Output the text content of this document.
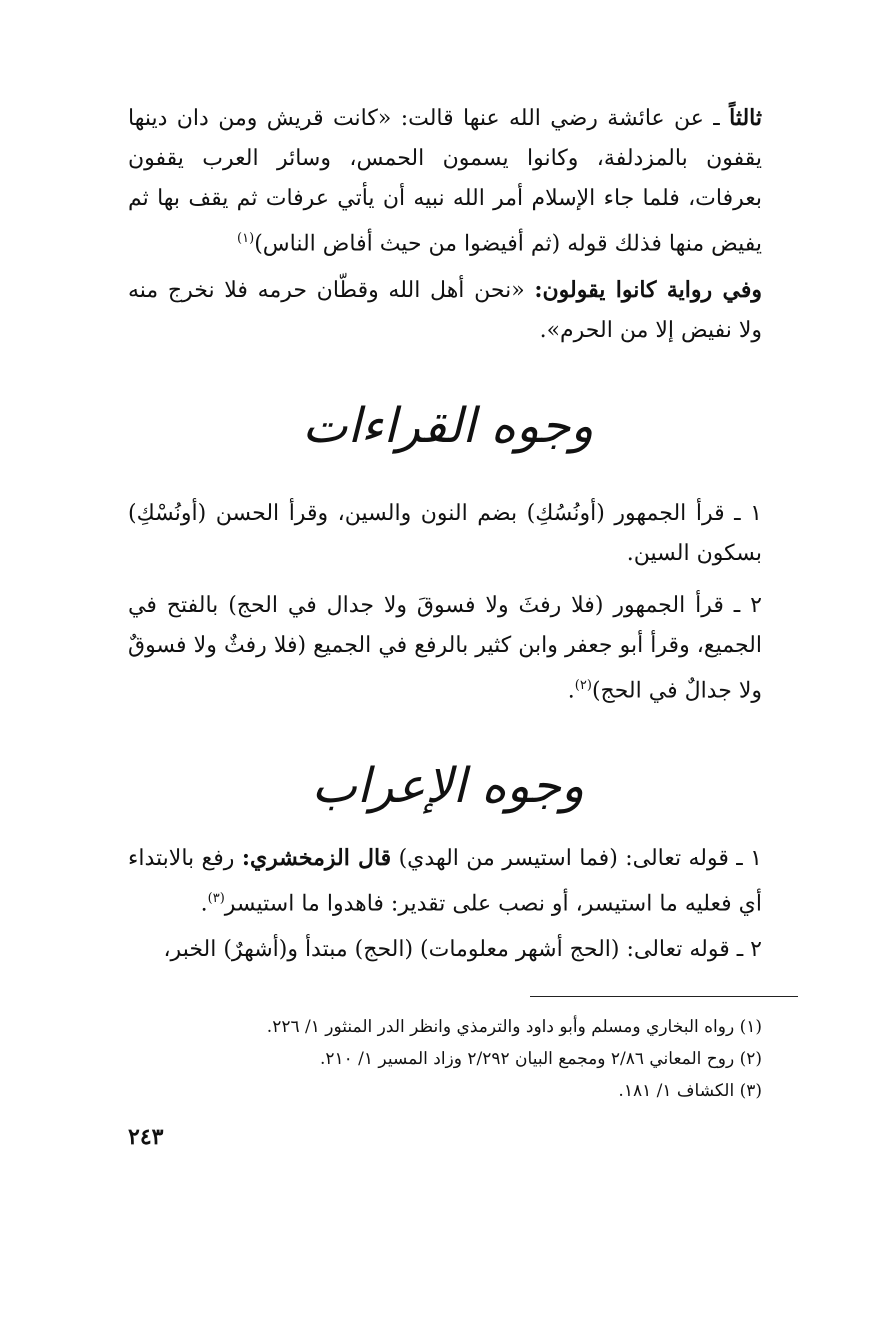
ثالثاً ـ عن عائشة رضي الله عنها قالت: «كانت قريش ومن دان دينها يقفون بالمزدلفة، وكانوا يسمون الحمس، وسائر العرب يقفون بعرفات، فلما جاء الإسلام أمر الله نبيه أن يأتي عرفات ثم يقف بها ثم يفيض منها فذلك قوله (ثم أفيضوا من حيث أفاض الناس)$^{(١)}$

وفي رواية كانوا يقولون: «نحن أهل الله وقطّان حرمه فلا نخرج منه ولا نفيض إلا من الحرم».

وجوه القراءات

١ ـ قرأ الجمهور (أونُسُكِ) بضم النون والسين، وقرأ الحسن (أونُسْكِ) بسكون السين.

٢ ـ قرأ الجمهور (فلا رفثَ ولا فسوقَ ولا جدال في الحج) بالفتح في الجميع، وقرأ أبو جعفر وابن كثير بالرفع في الجميع (فلا رفثٌ ولا فسوقٌ ولا جدالٌ في الحج)$^{(٢)}$.

وجوه الإعراب

١ ـ قوله تعالى: (فما استيسر من الهدي) قال الزمخشري: رفع بالابتداء أي فعليه ما استيسر، أو نصب على تقدير: فاهدوا ما استيسر$^{(٣)}$.

٢ ـ قوله تعالى: (الحج أشهر معلومات) (الحج) مبتدأ و(أشهرٌ) الخبر،

(١) رواه البخاري ومسلم وأبو داود والترمذي وانظر الدر المنثور ١/ ٢٢٦.

(٢) روح المعاني ٢/٨٦ ومجمع البيان ٢/٢٩٢ وزاد المسير ١/ ٢١٠.

(٣) الكشاف ١/ ١٨١.

٢٤٣
